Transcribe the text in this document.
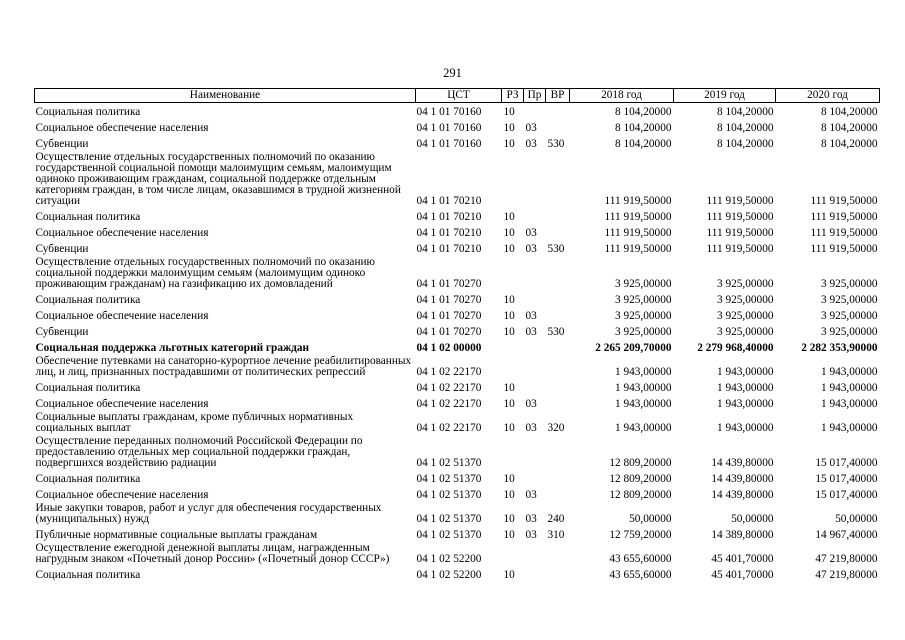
291
Наименование	ЦСТ	РЗ	Пр	ВР	2018 год	2019 год	2020 год
Социальная политика	04 1 01 70160	10			8 104,20000	8 104,20000	8 104,20000
Социальное обеспечение населения	04 1 01 70160	10	03		8 104,20000	8 104,20000	8 104,20000
Субвенции	04 1 01 70160	10	03	530	8 104,20000	8 104,20000	8 104,20000
Осуществление отдельных государственных полномочий по оказанию государственной социальной помощи малоимущим семьям, малоимущим одиноко проживающим гражданам, социальной поддержке отдельным категориям граждан, в том числе лицам, оказавшимся в трудной жизненной ситуации	04 1 01 70210				111 919,50000	111 919,50000	111 919,50000
Социальная политика	04 1 01 70210	10			111 919,50000	111 919,50000	111 919,50000
Социальное обеспечение населения	04 1 01 70210	10	03		111 919,50000	111 919,50000	111 919,50000
Субвенции	04 1 01 70210	10	03	530	111 919,50000	111 919,50000	111 919,50000
Осуществление отдельных государственных полномочий по оказанию социальной поддержки малоимущим семьям (малоимущим одиноко проживающим гражданам) на газификацию их домовладений	04 1 01 70270				3 925,00000	3 925,00000	3 925,00000
Социальная политика	04 1 01 70270	10			3 925,00000	3 925,00000	3 925,00000
Социальное обеспечение населения	04 1 01 70270	10	03		3 925,00000	3 925,00000	3 925,00000
Субвенции	04 1 01 70270	10	03	530	3 925,00000	3 925,00000	3 925,00000
Социальная поддержка льготных категорий граждан	04 1 02 00000				2 265 209,70000	2 279 968,40000	2 282 353,90000
Обеспечение путевками на санаторно-курортное лечение реабилитированных лиц, и лиц, признанных пострадавшими от политических репрессий	04 1 02 22170				1 943,00000	1 943,00000	1 943,00000
Социальная политика	04 1 02 22170	10			1 943,00000	1 943,00000	1 943,00000
Социальное обеспечение населения	04 1 02 22170	10	03		1 943,00000	1 943,00000	1 943,00000
Социальные выплаты гражданам, кроме публичных нормативных социальных выплат	04 1 02 22170	10	03	320	1 943,00000	1 943,00000	1 943,00000
Осуществление переданных полномочий Российской Федерации по предоставлению отдельных мер социальной поддержки граждан, подвергшихся воздействию радиации	04 1 02 51370				12 809,20000	14 439,80000	15 017,40000
Социальная политика	04 1 02 51370	10			12 809,20000	14 439,80000	15 017,40000
Социальное обеспечение населения	04 1 02 51370	10	03		12 809,20000	14 439,80000	15 017,40000
Иные закупки товаров, работ и услуг для обеспечения государственных (муниципальных) нужд	04 1 02 51370	10	03	240	50,00000	50,00000	50,00000
Публичные нормативные социальные выплаты гражданам	04 1 02 51370	10	03	310	12 759,20000	14 389,80000	14 967,40000
Осуществление ежегодной денежной выплаты лицам, награжденным нагрудным знаком «Почетный донор России» («Почетный донор СССР»)	04 1 02 52200				43 655,60000	45 401,70000	47 219,80000
Социальная политика	04 1 02 52200	10			43 655,60000	45 401,70000	47 219,80000
